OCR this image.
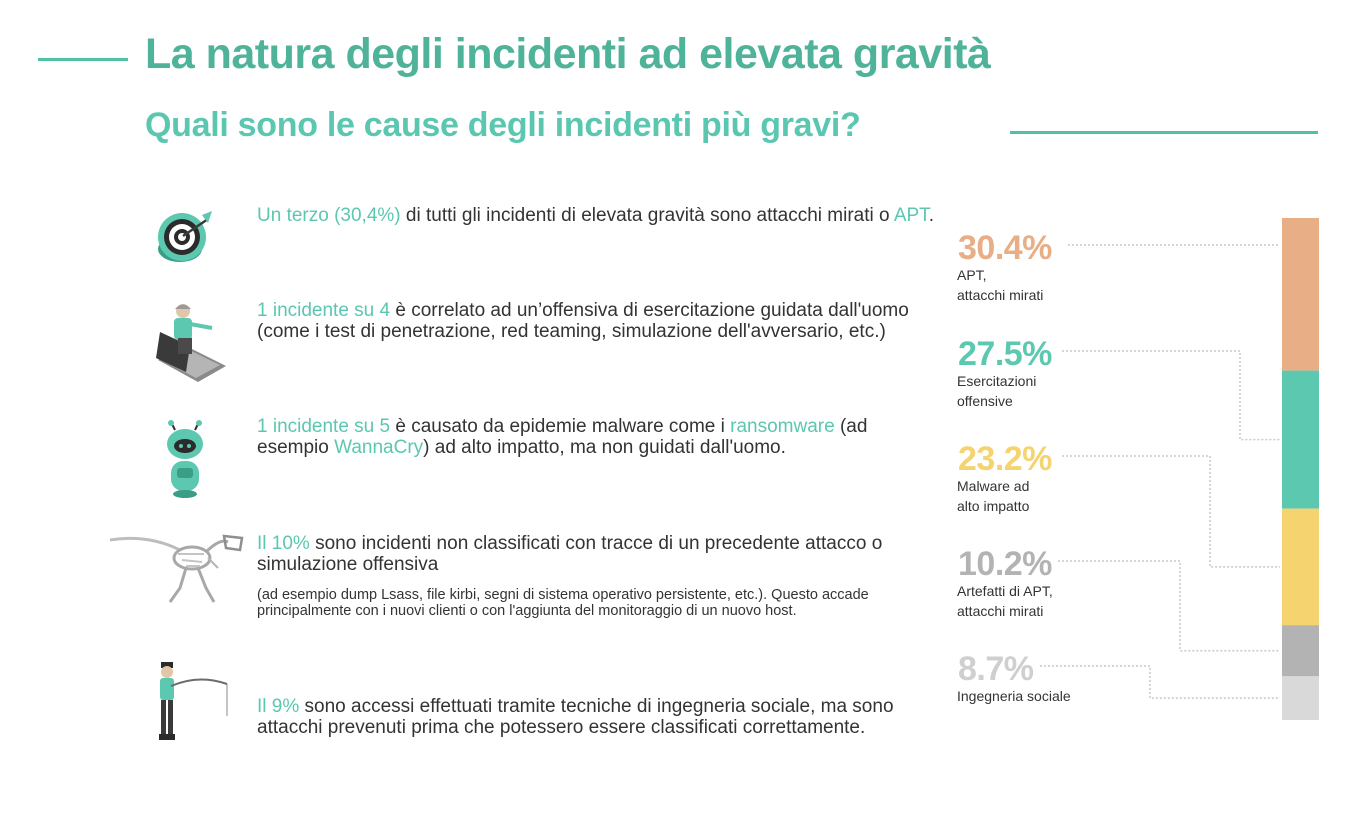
La natura degli incidenti ad elevata gravità
Quali sono le cause degli incidenti più gravi?
Un terzo (30,4%) di tutti gli incidenti di elevata gravità sono attacchi mirati o APT.
1 incidente su 4 è correlato ad un’offensiva di esercitazione guidata dall'uomo (come i test di penetrazione, red teaming, simulazione dell'avversario, etc.)
1 incidente su 5 è causato da epidemie malware come i ransomware (ad esempio WannaCry) ad alto impatto, ma non guidati dall'uomo.
Il 10% sono incidenti non classificati con tracce di un precedente attacco o simulazione offensiva
(ad esempio dump Lsass, file kirbi, segni di sistema operativo persistente, etc.). Questo accade principalmente con i nuovi clienti o con l'aggiunta del monitoraggio di un nuovo host.
Il 9% sono accessi effettuati tramite tecniche di ingegneria sociale, ma sono attacchi prevenuti prima che potessero essere classificati correttamente.
30.4%
APT,
attacchi mirati
27.5%
Esercitazioni
offensive
23.2%
Malware ad
alto impatto
10.2%
Artefatti di APT,
attacchi mirati
8.7%
Ingegneria sociale
